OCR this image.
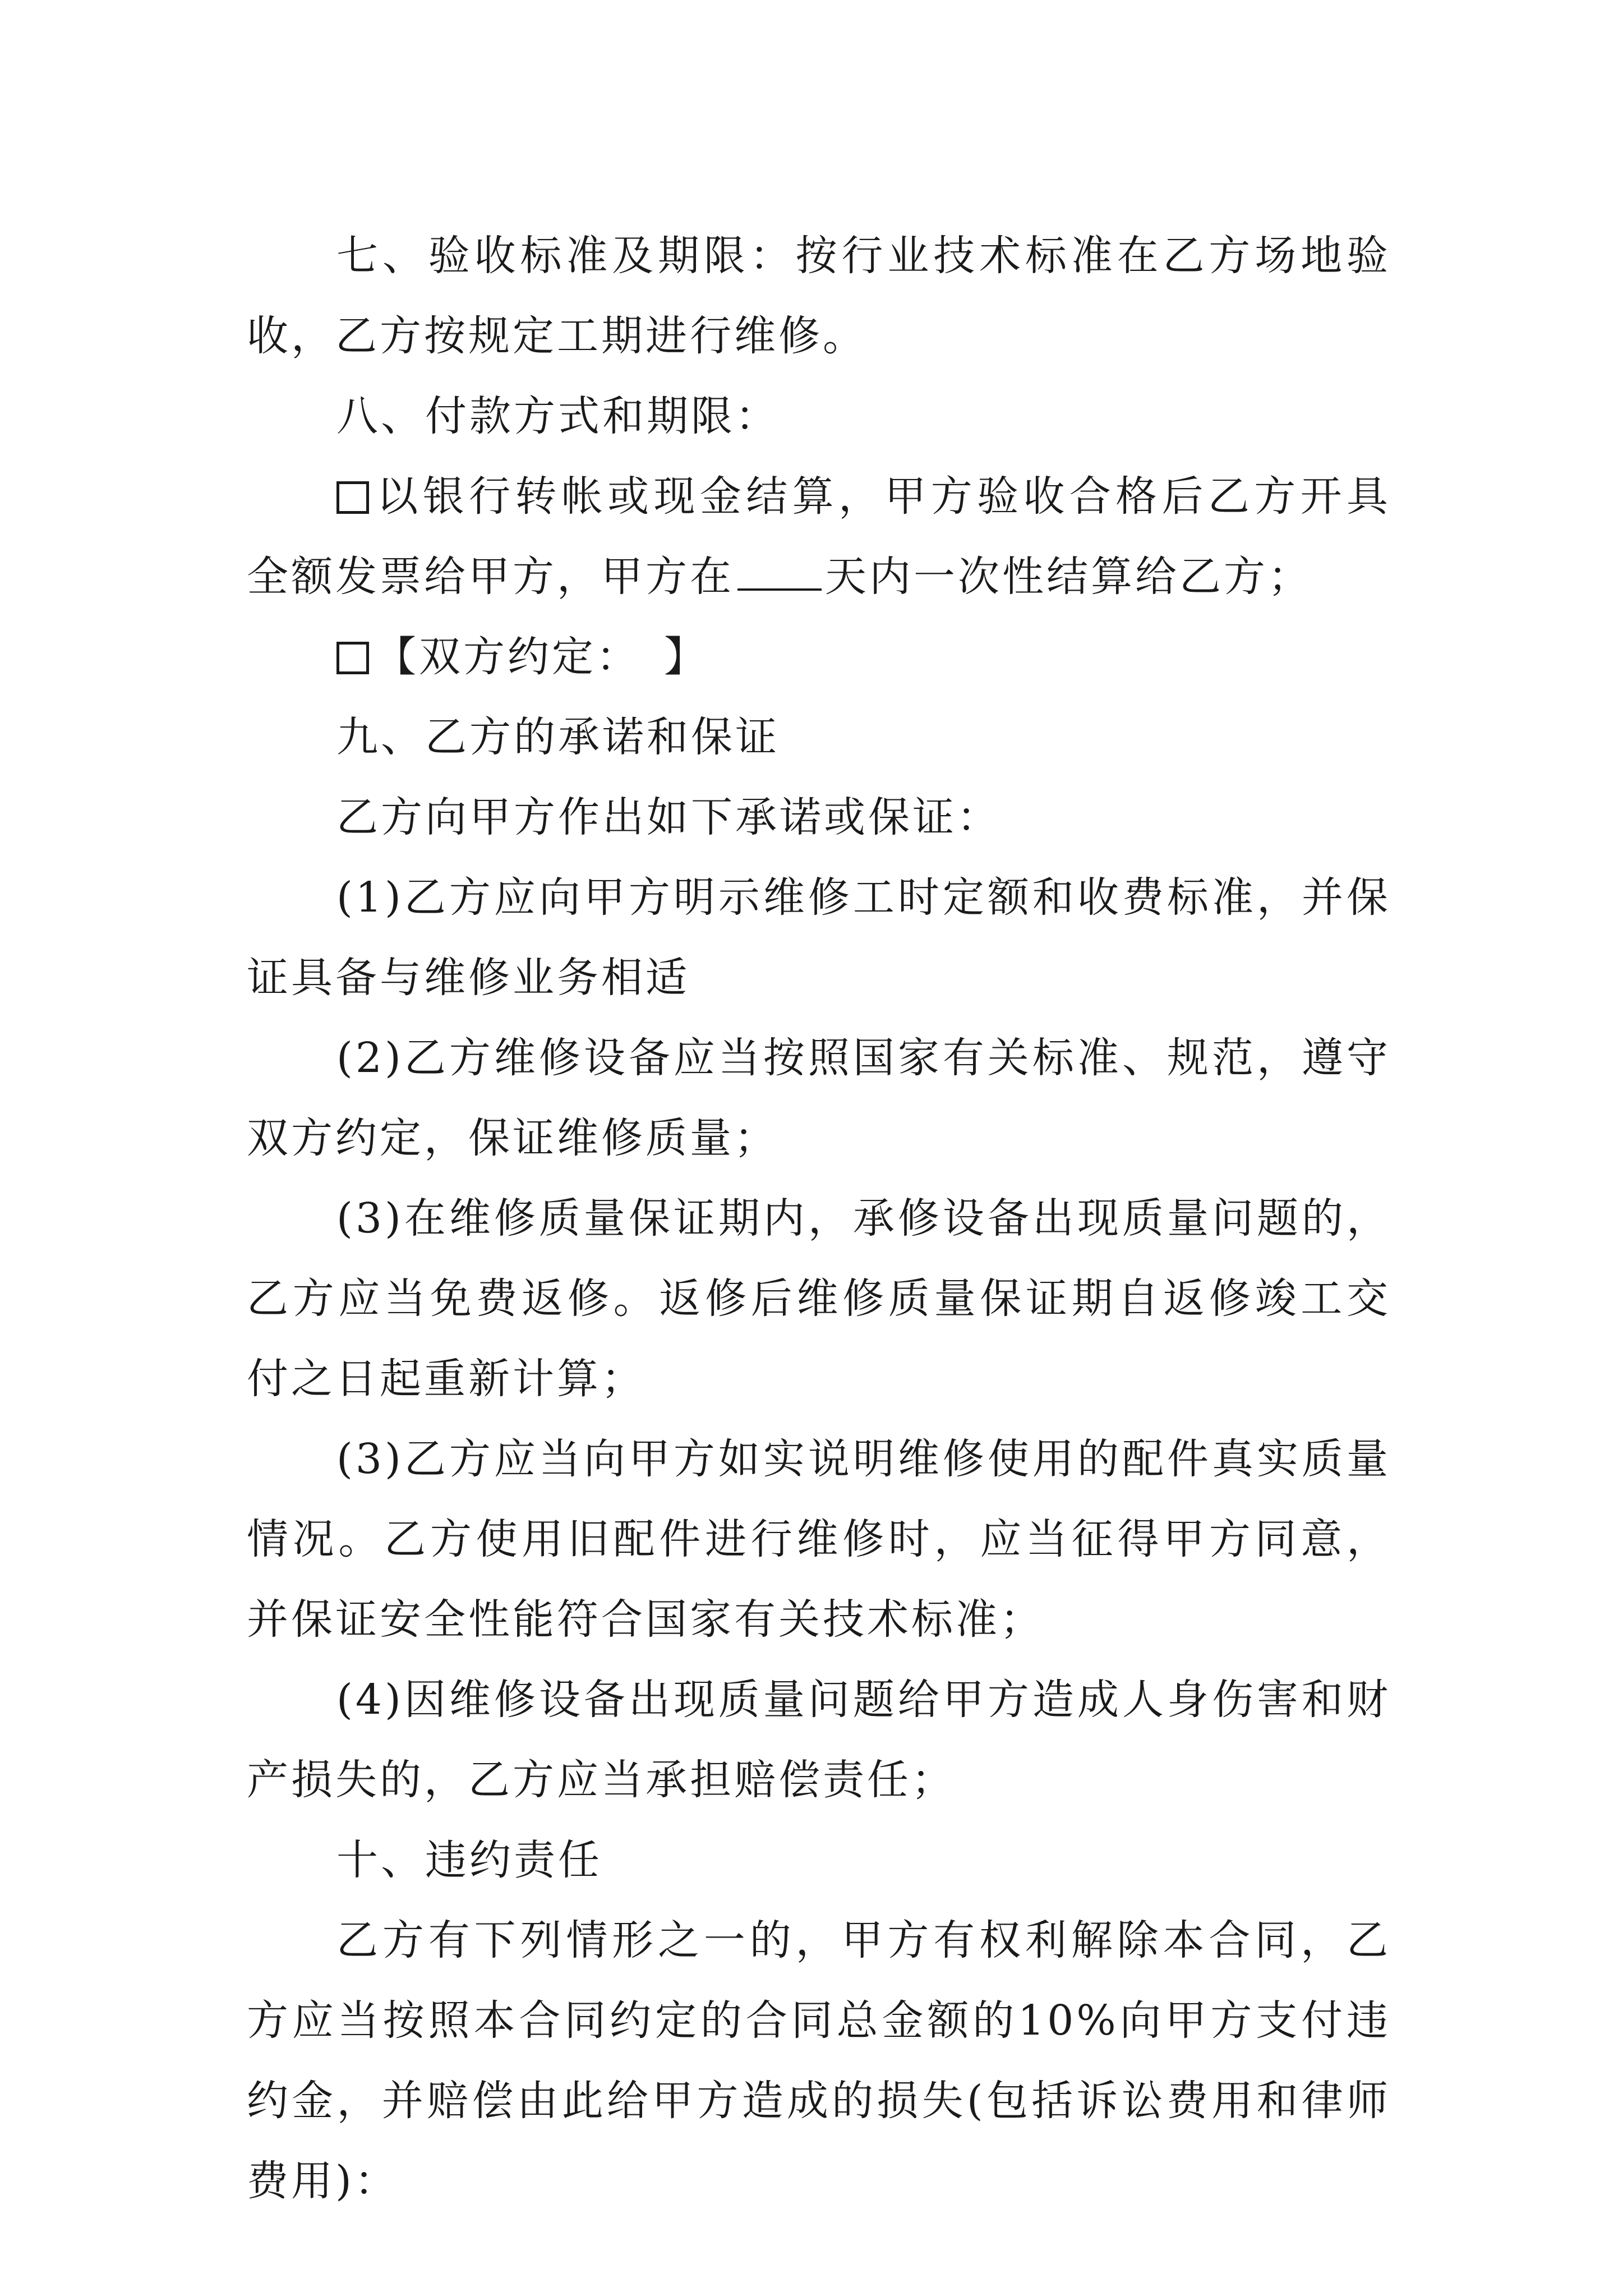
七、验收标准及期限：按行业技术标准在乙方场地验收，乙方按规定工期进行维修。

八、付款方式和期限：

以银行转帐或现金结算，甲方验收合格后乙方开具全额发票给甲方，甲方在 天内一次性结算给乙方；

【双方约定：　】

九、乙方的承诺和保证

乙方向甲方作出如下承诺或保证：

(1)乙方应向甲方明示维修工时定额和收费标准，并保证具备与维修业务相适

(2)乙方维修设备应当按照国家有关标准、规范，遵守双方约定，保证维修质量；

(3)在维修质量保证期内，承修设备出现质量问题的，乙方应当免费返修。返修后维修质量保证期自返修竣工交付之日起重新计算；

(3)乙方应当向甲方如实说明维修使用的配件真实质量情况。乙方使用旧配件进行维修时，应当征得甲方同意，并保证安全性能符合国家有关技术标准；

(4)因维修设备出现质量问题给甲方造成人身伤害和财产损失的，乙方应当承担赔偿责任；

十、违约责任

乙方有下列情形之一的，甲方有权利解除本合同，乙方应当按照本合同约定的合同总金额的10%向甲方支付违约金，并赔偿由此给甲方造成的损失(包括诉讼费用和律师费用)：
